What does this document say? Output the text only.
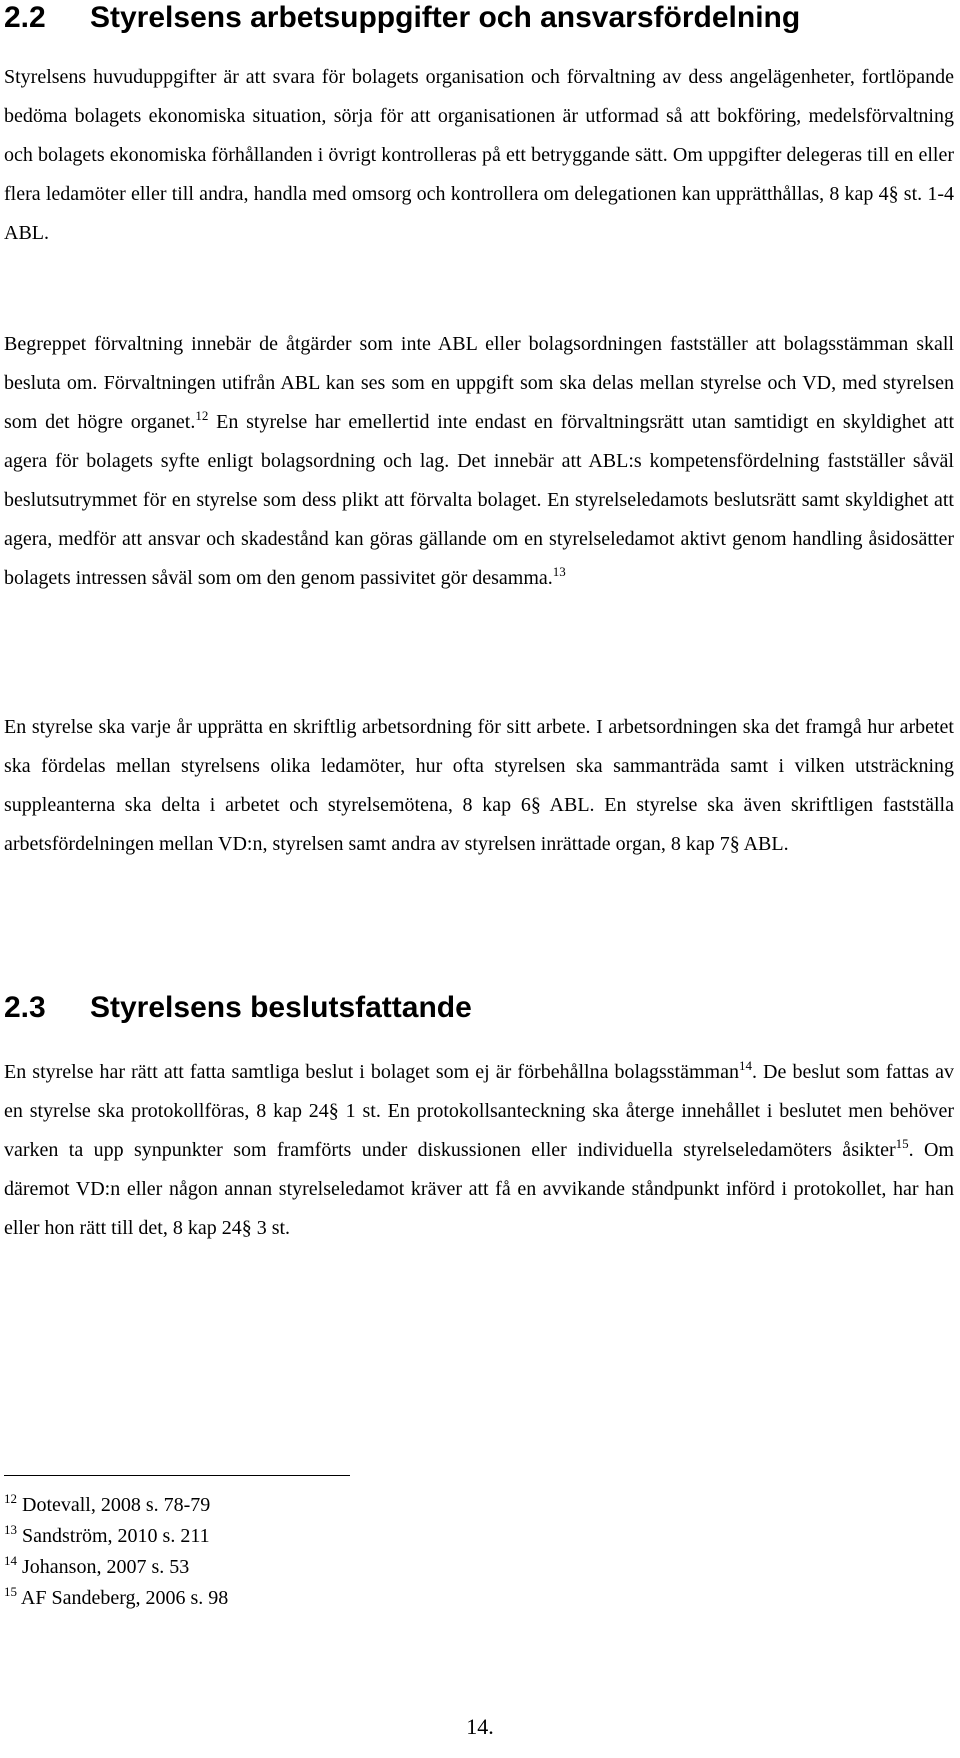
2.2 Styrelsens arbetsuppgifter och ansvarsfördelning

Styrelsens huvuduppgifter är att svara för bolagets organisation och förvaltning av dess angelägenheter, fortlöpande bedöma bolagets ekonomiska situation, sörja för att organisationen är utformad så att bokföring, medelsförvaltning och bolagets ekonomiska förhållanden i övrigt kontrolleras på ett betryggande sätt. Om uppgifter delegeras till en eller flera ledamöter eller till andra, handla med omsorg och kontrollera om delegationen kan upprätthållas, 8 kap 4§ st. 1-4 ABL.

Begreppet förvaltning innebär de åtgärder som inte ABL eller bolagsordningen fastställer att bolagsstämman skall besluta om. Förvaltningen utifrån ABL kan ses som en uppgift som ska delas mellan styrelse och VD, med styrelsen som det högre organet.$^{12}$ En styrelse har emellertid inte endast en förvaltningsrätt utan samtidigt en skyldighet att agera för bolagets syfte enligt bolagsordning och lag. Det innebär att ABL:s kompetensfördelning fastställer såväl beslutsutrymmet för en styrelse som dess plikt att förvalta bolaget. En styrelseledamots beslutsrätt samt skyldighet att agera, medför att ansvar och skadestånd kan göras gällande om en styrelseledamot aktivt genom handling åsidosätter bolagets intressen såväl som om den genom passivitet gör desamma.$^{13}$

En styrelse ska varje år upprätta en skriftlig arbetsordning för sitt arbete. I arbetsordningen ska det framgå hur arbetet ska fördelas mellan styrelsens olika ledamöter, hur ofta styrelsen ska sammanträda samt i vilken utsträckning suppleanterna ska delta i arbetet och styrelsemötena, 8 kap 6§ ABL. En styrelse ska även skriftligen fastställa arbetsfördelningen mellan VD:n, styrelsen samt andra av styrelsen inrättade organ, 8 kap 7§ ABL.

2.3 Styrelsens beslutsfattande

En styrelse har rätt att fatta samtliga beslut i bolaget som ej är förbehållna bolagsstämman$^{14}$. De beslut som fattas av en styrelse ska protokollföras, 8 kap 24§ 1 st. En protokollsanteckning ska återge innehållet i beslutet men behöver varken ta upp synpunkter som framförts under diskussionen eller individuella styrelseledamöters åsikter$^{15}$. Om däremot VD:n eller någon annan styrelseledamot kräver att få en avvikande ståndpunkt införd i protokollet, har han eller hon rätt till det, 8 kap 24§ 3 st.

$^{12}$ Dotevall, 2008 s. 78-79

$^{13}$ Sandström, 2010 s. 211

$^{14}$ Johanson, 2007 s. 53

$^{15}$ AF Sandeberg, 2006 s. 98

14.
